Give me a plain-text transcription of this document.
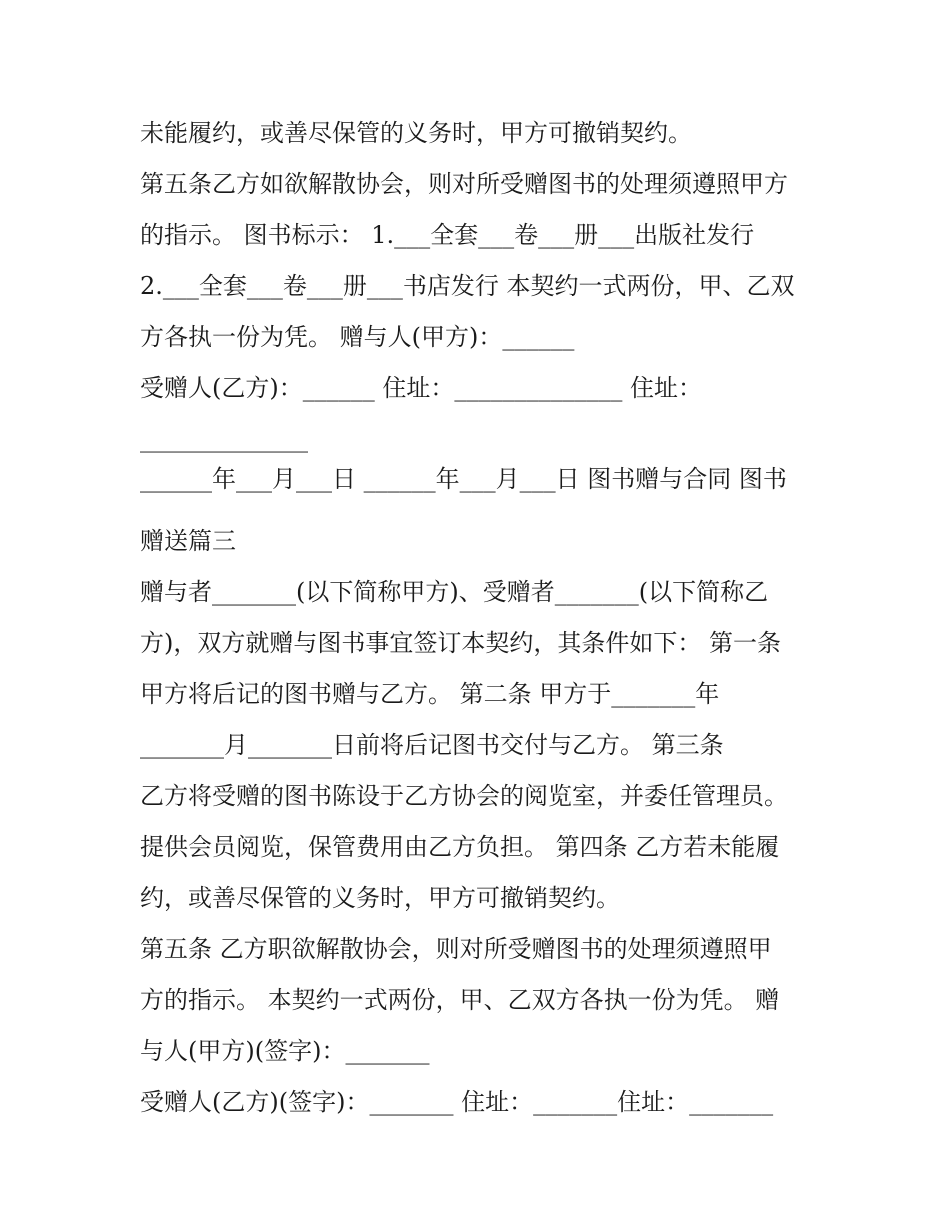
未能履约，或善尽保管的义务时，甲方可撤销契约。
第五条乙方如欲解散协会，则对所受赠图书的处理须遵照甲方
的指示。 图书标示： 1.___全套___卷___册___出版社发行
2.___全套___卷___册___书店发行 本契约一式两份，甲、乙双
方各执一份为凭。 赠与人(甲方)：______
受赠人(乙方)：______ 住址：______________ 住址：
______________
______年___月___日 ______年___月___日 图书赠与合同 图书
赠送篇三
赠与者_______(以下简称甲方)、受赠者_______(以下简称乙
方)，双方就赠与图书事宜签订本契约，其条件如下： 第一条
甲方将后记的图书赠与乙方。 第二条 甲方于_______年
_______月_______日前将后记图书交付与乙方。 第三条
乙方将受赠的图书陈设于乙方协会的阅览室，并委任管理员。
提供会员阅览，保管费用由乙方负担。 第四条 乙方若未能履
约，或善尽保管的义务时，甲方可撤销契约。
第五条 乙方职欲解散协会，则对所受赠图书的处理须遵照甲
方的指示。 本契约一式两份，甲、乙双方各执一份为凭。 赠
与人(甲方)(签字)：_______
受赠人(乙方)(签字)：_______ 住址：_______住址：_______
